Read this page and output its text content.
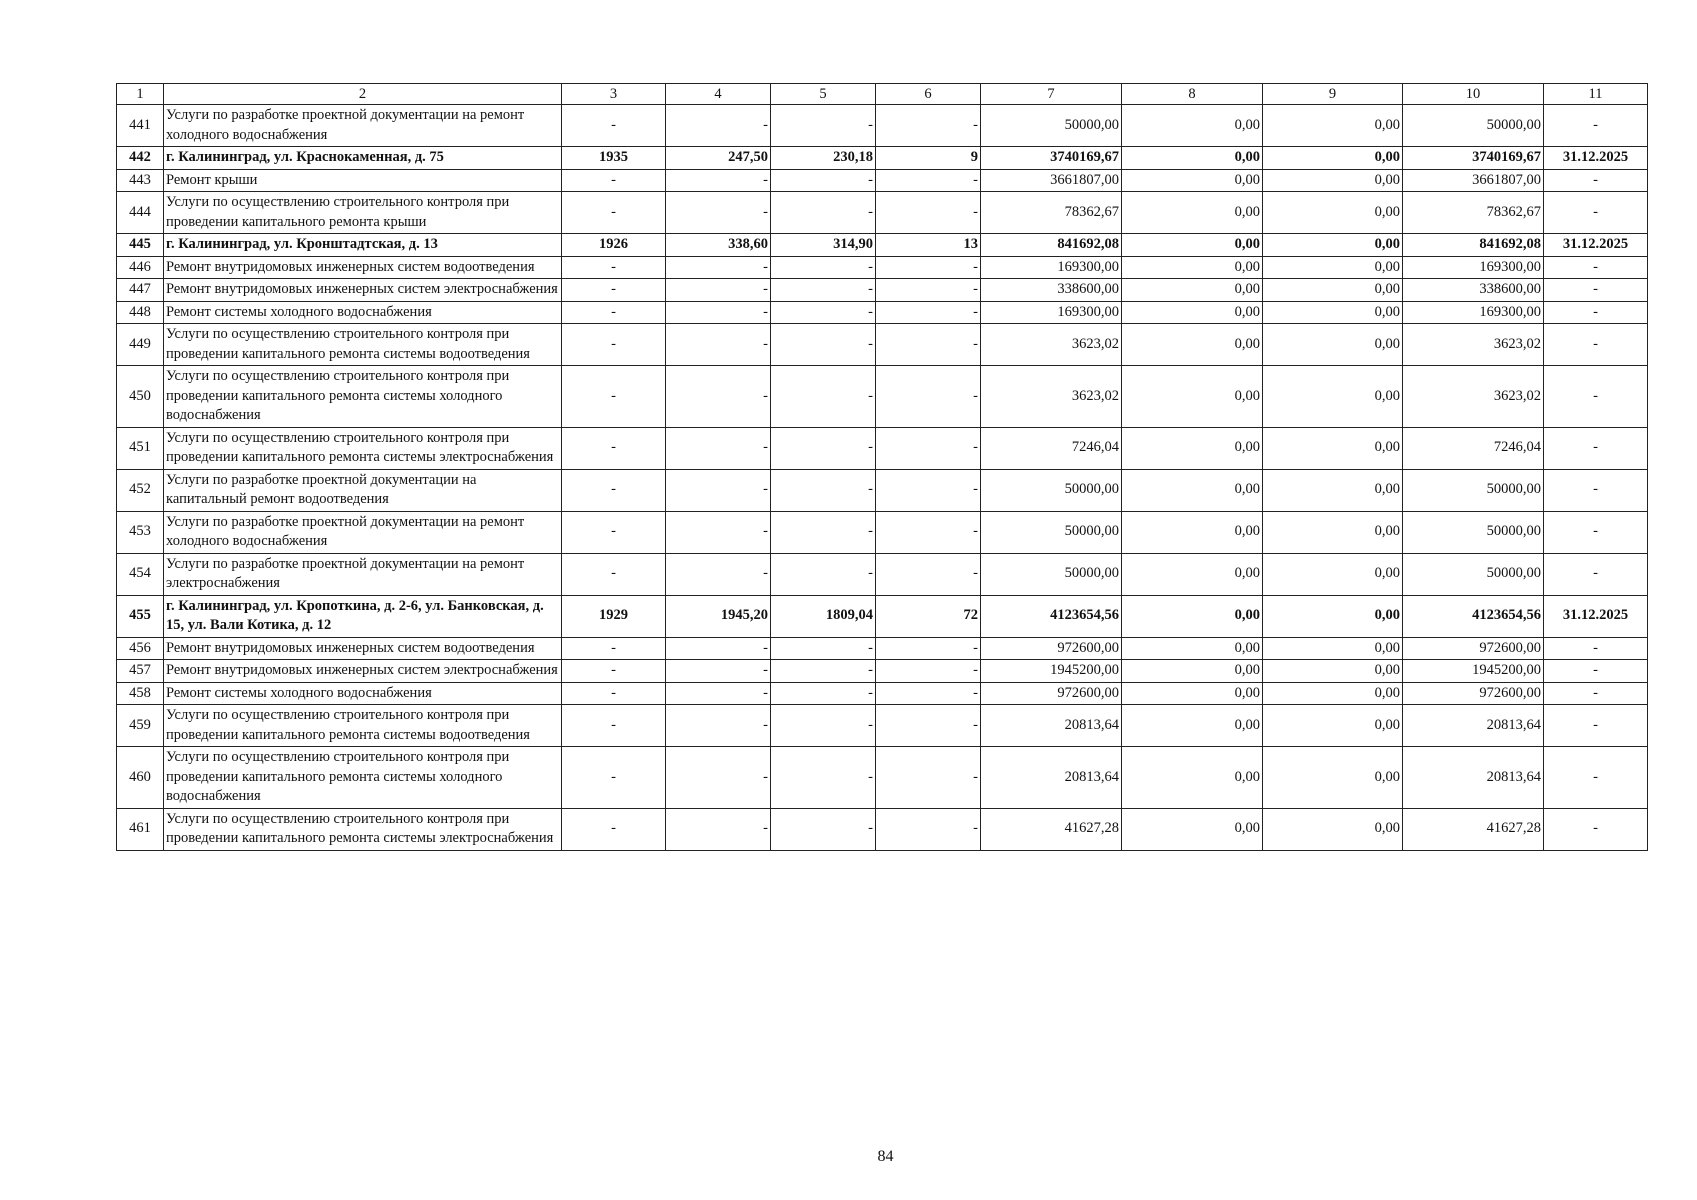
1	2	3	4	5	6	7	8	9	10	11
441	Услуги по разработке проектной документации на ремонт холодного водоснабжения	-	-	-	-	50000,00	0,00	0,00	50000,00	-
442	г. Калининград, ул. Краснокаменная, д. 75	1935	247,50	230,18	9	3740169,67	0,00	0,00	3740169,67	31.12.2025
443	Ремонт крыши	-	-	-	-	3661807,00	0,00	0,00	3661807,00	-
444	Услуги по осуществлению строительного контроля при проведении капитального ремонта крыши	-	-	-	-	78362,67	0,00	0,00	78362,67	-
445	г. Калининград, ул. Кронштадтская, д. 13	1926	338,60	314,90	13	841692,08	0,00	0,00	841692,08	31.12.2025
446	Ремонт внутридомовых инженерных систем водоотведения	-	-	-	-	169300,00	0,00	0,00	169300,00	-
447	Ремонт внутридомовых инженерных систем электроснабжения	-	-	-	-	338600,00	0,00	0,00	338600,00	-
448	Ремонт системы холодного водоснабжения	-	-	-	-	169300,00	0,00	0,00	169300,00	-
449	Услуги по осуществлению строительного контроля при проведении капитального ремонта системы водоотведения	-	-	-	-	3623,02	0,00	0,00	3623,02	-
450	Услуги по осуществлению строительного контроля при проведении капитального ремонта системы холодного водоснабжения	-	-	-	-	3623,02	0,00	0,00	3623,02	-
451	Услуги по осуществлению строительного контроля при проведении капитального ремонта системы электроснабжения	-	-	-	-	7246,04	0,00	0,00	7246,04	-
452	Услуги по разработке проектной документации на капитальный ремонт водоотведения	-	-	-	-	50000,00	0,00	0,00	50000,00	-
453	Услуги по разработке проектной документации на ремонт холодного водоснабжения	-	-	-	-	50000,00	0,00	0,00	50000,00	-
454	Услуги по разработке проектной документации на ремонт электроснабжения	-	-	-	-	50000,00	0,00	0,00	50000,00	-
455	г. Калининград, ул. Кропоткина, д. 2-6, ул. Банковская, д. 15, ул. Вали Котика, д. 12	1929	1945,20	1809,04	72	4123654,56	0,00	0,00	4123654,56	31.12.2025
456	Ремонт внутридомовых инженерных систем водоотведения	-	-	-	-	972600,00	0,00	0,00	972600,00	-
457	Ремонт внутридомовых инженерных систем электроснабжения	-	-	-	-	1945200,00	0,00	0,00	1945200,00	-
458	Ремонт системы холодного водоснабжения	-	-	-	-	972600,00	0,00	0,00	972600,00	-
459	Услуги по осуществлению строительного контроля при проведении капитального ремонта системы водоотведения	-	-	-	-	20813,64	0,00	0,00	20813,64	-
460	Услуги по осуществлению строительного контроля при проведении капитального ремонта системы холодного водоснабжения	-	-	-	-	20813,64	0,00	0,00	20813,64	-
461	Услуги по осуществлению строительного контроля при проведении капитального ремонта системы электроснабжения	-	-	-	-	41627,28	0,00	0,00	41627,28	-
84
